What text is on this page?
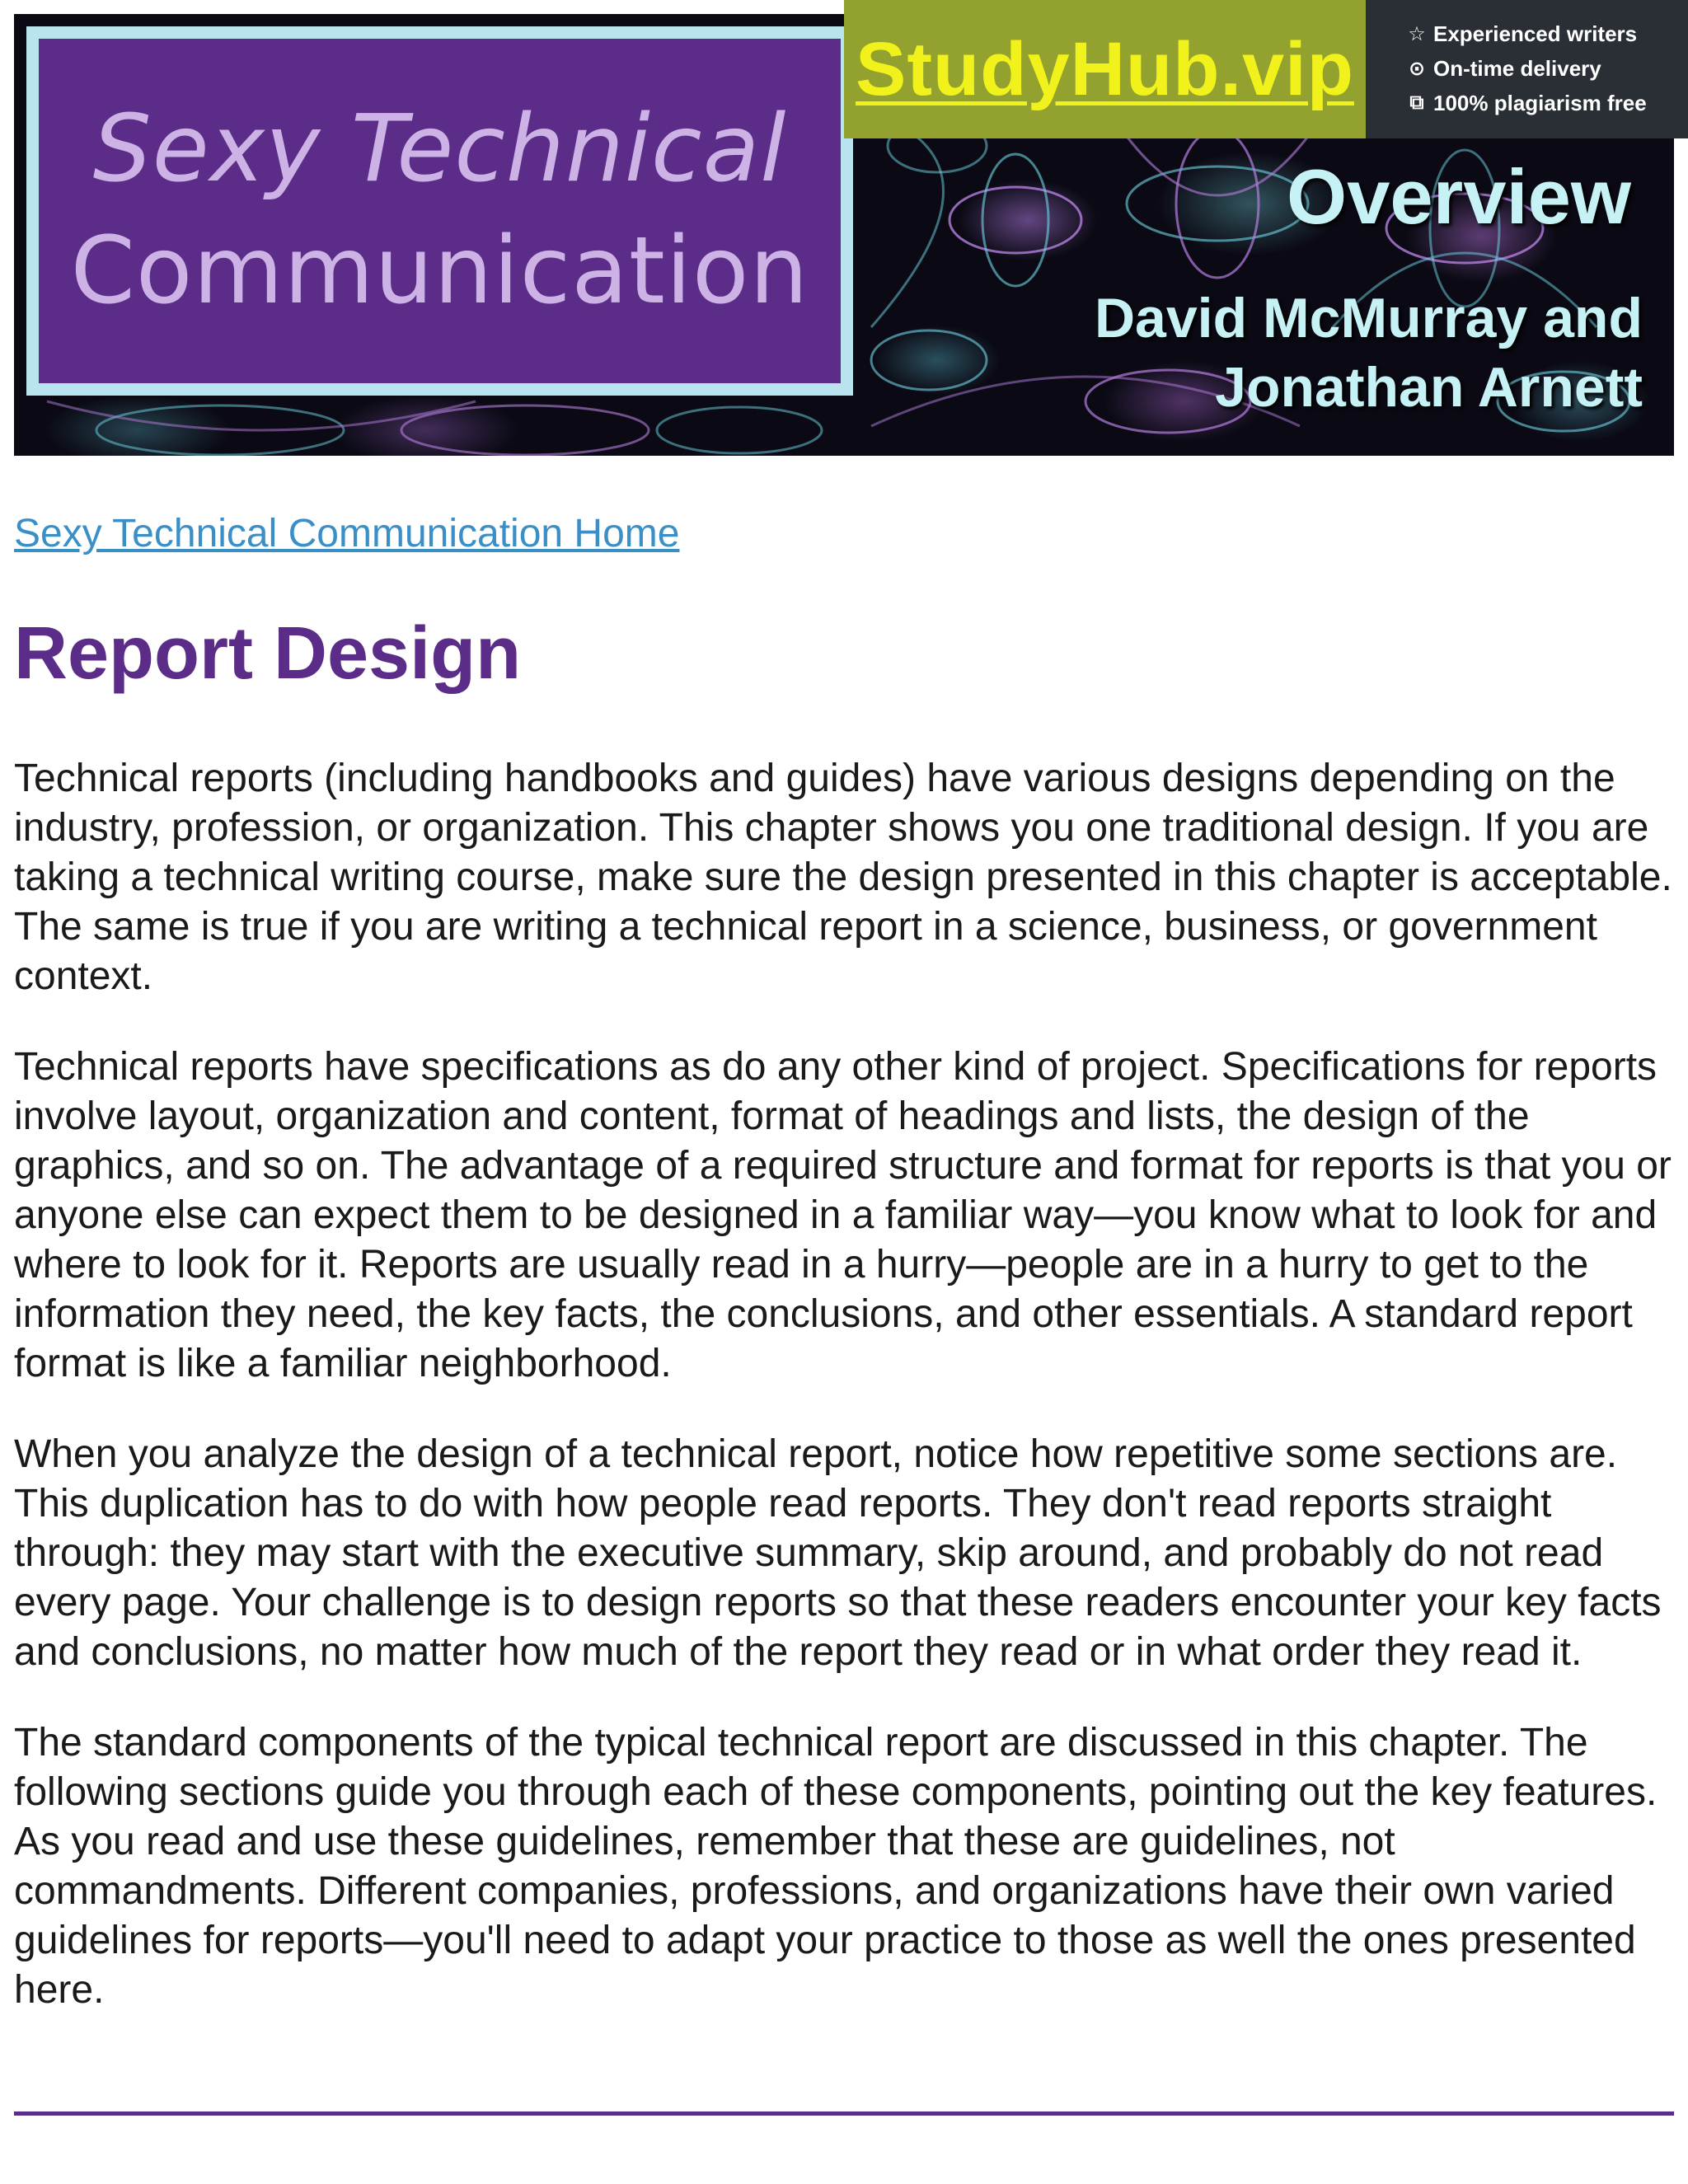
Sexy Technical
Communication
Overview
David McMurray and
Jonathan Arnett
StudyHub.vip	☆ Experienced writers
⊙ On-time delivery
⧉ 100% plagiarism free
Sexy Technical Communication Home
Report Design

Technical reports (including handbooks and guides) have various designs depending on the industry, profession, or organization. This chapter shows you one traditional design. If you are taking a technical writing course, make sure the design presented in this chapter is acceptable. The same is true if you are writing a technical report in a science, business, or government context.

Technical reports have specifications as do any other kind of project. Specifications for reports involve layout, organization and content, format of headings and lists, the design of the graphics, and so on. The advantage of a required structure and format for reports is that you or anyone else can expect them to be designed in a familiar way—you know what to look for and where to look for it. Reports are usually read in a hurry—people are in a hurry to get to the information they need, the key facts, the conclusions, and other essentials. A standard report format is like a familiar neighborhood.

When you analyze the design of a technical report, notice how repetitive some sections are. This duplication has to do with how people read reports. They don't read reports straight through: they may start with the executive summary, skip around, and probably do not read every page. Your challenge is to design reports so that these readers encounter your key facts and conclusions, no matter how much of the report they read or in what order they read it.

The standard components of the typical technical report are discussed in this chapter. The following sections guide you through each of these components, pointing out the key features. As you read and use these guidelines, remember that these are guidelines, not commandments. Different companies, professions, and organizations have their own varied guidelines for reports—you'll need to adapt your practice to those as well the ones presented here.
